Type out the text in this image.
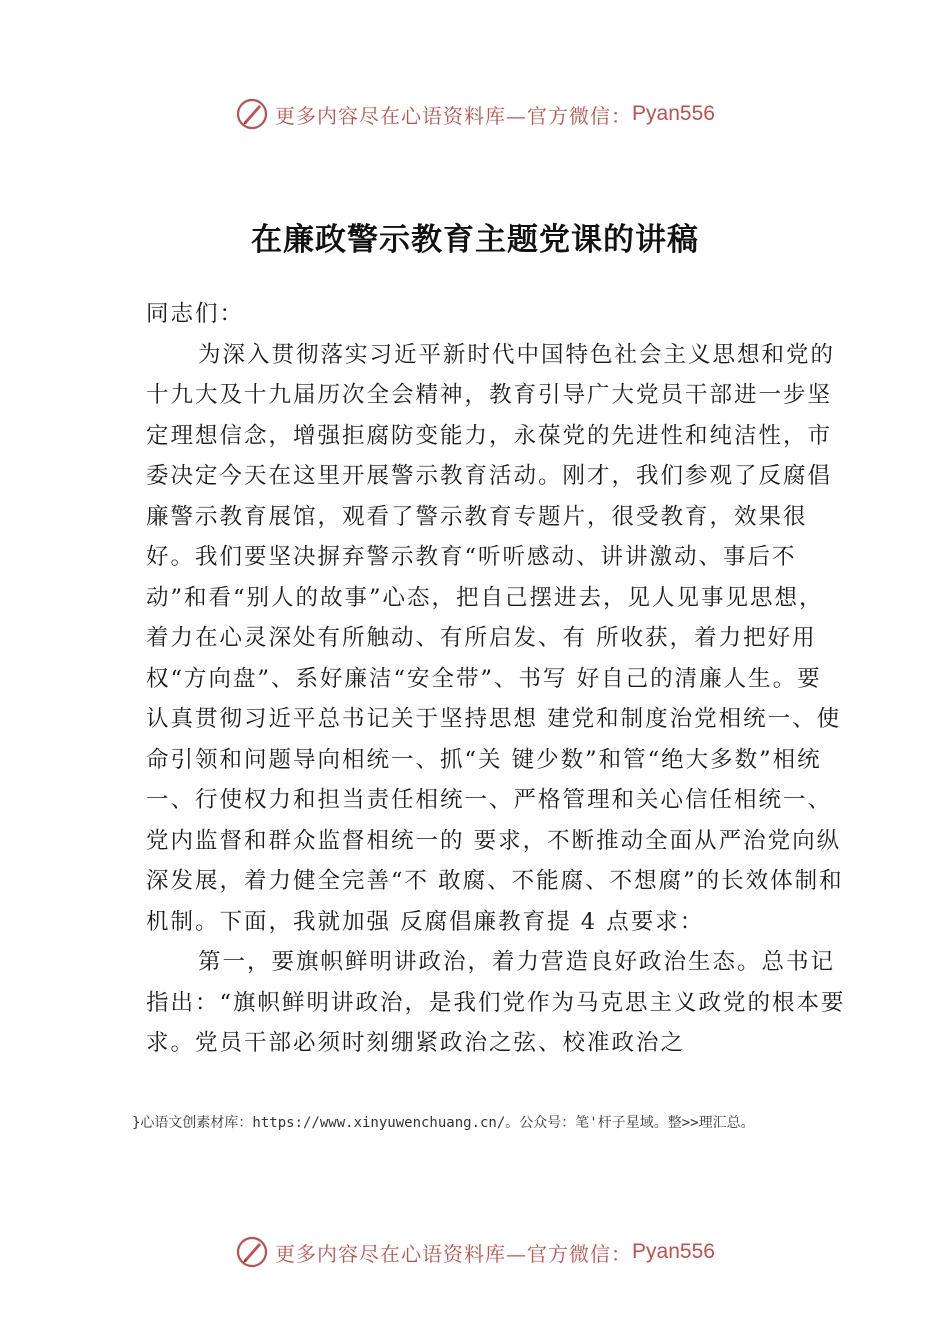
更多内容尽在心语资料库—官方微信： Pyan556
在廉政警示教育主题党课的讲稿

同志们：

为深入贯彻落实习近平新时代中国特色社会主义思想和党的十九大及十九届历次全会精神，教育引导广大党员干部进一步坚定理想信念，增强拒腐防变能力，永葆党的先进性和纯洁性，市委决定今天在这里开展警示教育活动。刚才，我们参观了反腐倡廉警示教育展馆，观看了警示教育专题片，很受教育，效果很好。我们要坚决摒弃警示教育“听听感动、讲讲激动、事后不动”和看“别人的故事”心态，把自己摆进去，见人见事见思想，着力在心灵深处有所触动、有所启发、有 所收获，着力把好用权“方向盘”、系好廉洁“安全带”、书写 好自己的清廉人生。要认真贯彻习近平总书记关于坚持思想 建党和制度治党相统一、使命引领和问题导向相统一、抓“关 键少数”和管“绝大多数”相统一、行使权力和担当责任相统一、严格管理和关心信任相统一、党内监督和群众监督相统一的 要求，不断推动全面从严治党向纵深发展，着力健全完善“不 敢腐、不能腐、不想腐”的长效体制和机制。下面，我就加强 反腐倡廉教育提 4 点要求：

第一，要旗帜鲜明讲政治，着力营造良好政治生态。总书记指出：“旗帜鲜明讲政治，是我们党作为马克思主义政党的根本要求。党员干部必须时刻绷紧政治之弦、校准政治之

}心语文创素材库：https://www.xinyuwenchuang.cn/。公众号：笔'杆子星域。整>>理汇总。
更多内容尽在心语资料库—官方微信： Pyan556
